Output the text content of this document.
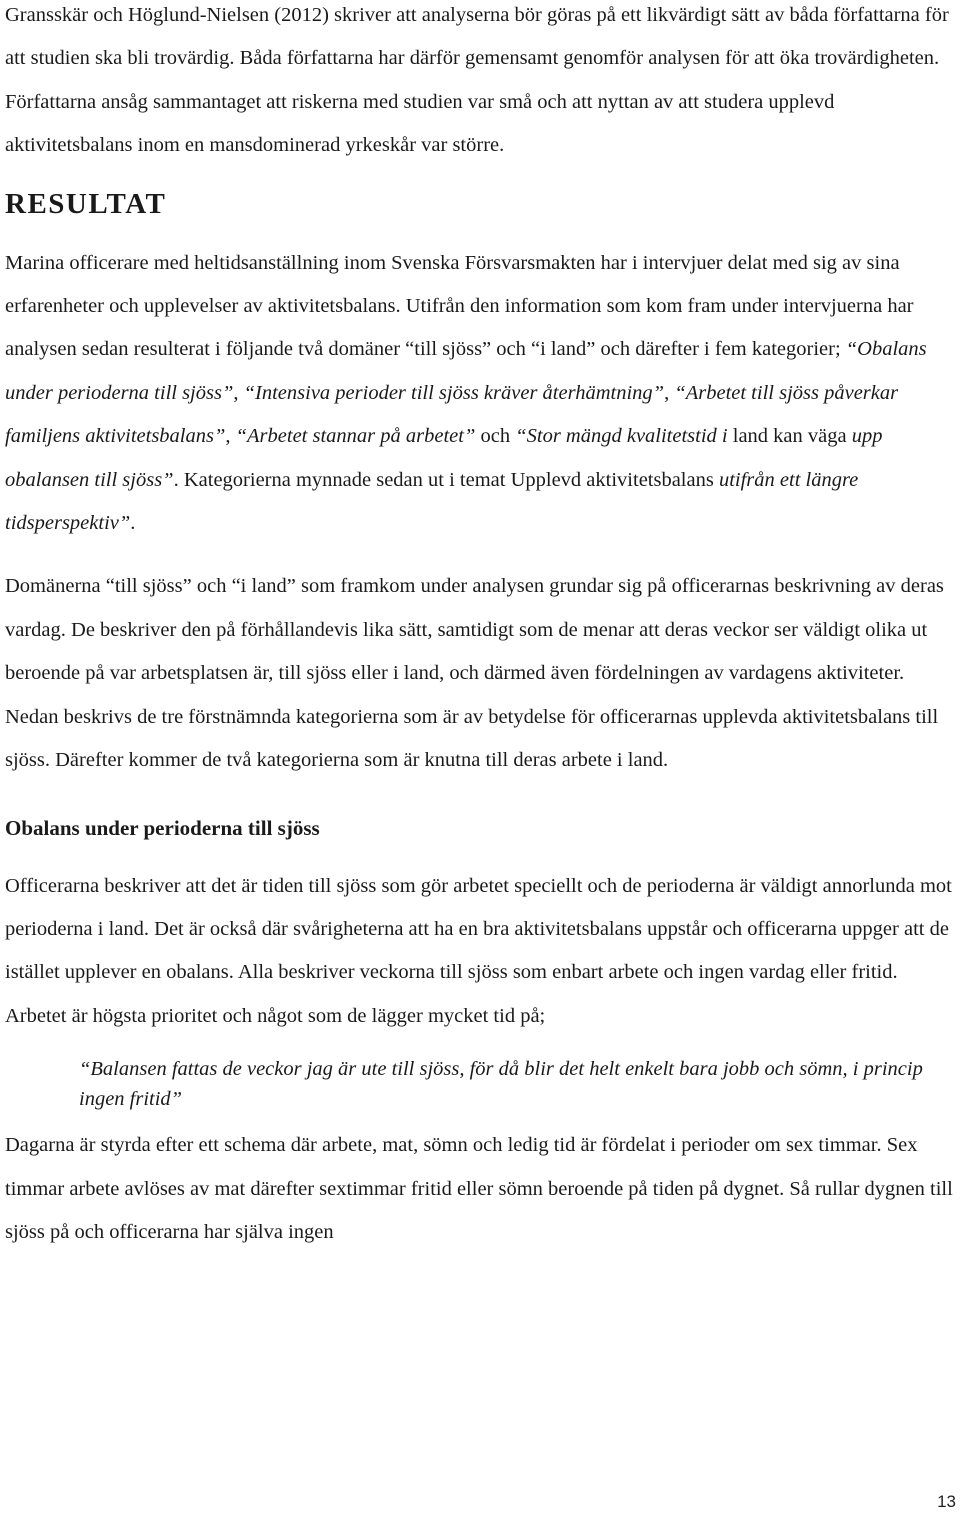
Gransskär och Höglund-Nielsen (2012) skriver att analyserna bör göras på ett likvärdigt sätt av båda författarna för att studien ska bli trovärdig. Båda författarna har därför gemensamt genomför analysen för att öka trovärdigheten. Författarna ansåg sammantaget att riskerna med studien var små och att nyttan av att studera upplevd aktivitetsbalans inom en mansdominerad yrkeskår var större.

RESULTAT

Marina officerare med heltidsanställning inom Svenska Försvarsmakten har i intervjuer delat med sig av sina erfarenheter och upplevelser av aktivitetsbalans. Utifrån den information som kom fram under intervjuerna har analysen sedan resulterat i följande två domäner “till sjöss” och “i land” och därefter i fem kategorier; “Obalans under perioderna till sjöss”, “Intensiva perioder till sjöss kräver återhämtning”, “Arbetet till sjöss påverkar familjens aktivitetsbalans”, “Arbetet stannar på arbetet” och “Stor mängd kvalitetstid i land kan väga upp obalansen till sjöss”. Kategorierna mynnade sedan ut i temat Upplevd aktivitetsbalans utifrån ett längre tidsperspektiv”.

Domänerna “till sjöss” och “i land” som framkom under analysen grundar sig på officerarnas beskrivning av deras vardag. De beskriver den på förhållandevis lika sätt, samtidigt som de menar att deras veckor ser väldigt olika ut beroende på var arbetsplatsen är, till sjöss eller i land, och därmed även fördelningen av vardagens aktiviteter. Nedan beskrivs de tre förstnämnda kategorierna som är av betydelse för officerarnas upplevda aktivitetsbalans till sjöss. Därefter kommer de två kategorierna som är knutna till deras arbete i land.

Obalans under perioderna till sjöss

Officerarna beskriver att det är tiden till sjöss som gör arbetet speciellt och de perioderna är väldigt annorlunda mot perioderna i land. Det är också där svårigheterna att ha en bra aktivitetsbalans uppstår och officerarna uppger att de istället upplever en obalans. Alla beskriver veckorna till sjöss som enbart arbete och ingen vardag eller fritid. Arbetet är högsta prioritet och något som de lägger mycket tid på;

“Balansen fattas de veckor jag är ute till sjöss, för då blir det helt enkelt bara jobb och sömn, i princip ingen fritid”

Dagarna är styrda efter ett schema där arbete, mat, sömn och ledig tid är fördelat i perioder om sex timmar. Sex timmar arbete avlöses av mat därefter sextimmar fritid eller sömn beroende på tiden på dygnet. Så rullar dygnen till sjöss på och officerarna har själva ingen

13
